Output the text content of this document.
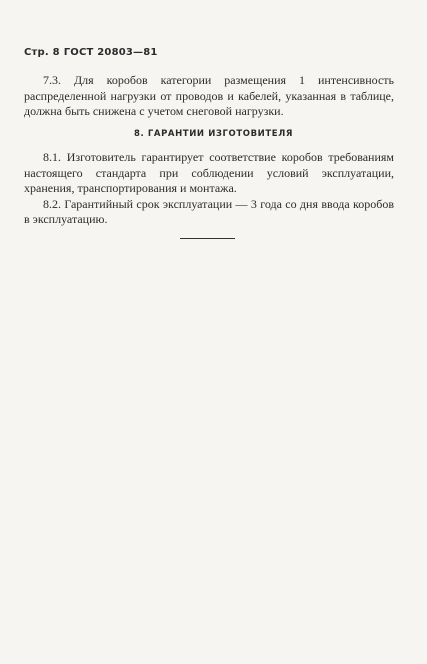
Стр. 8 ГОСТ 20803—81

7.3. Для коробов категории размещения 1 интенсивность распределенной нагрузки от проводов и кабелей, указанная в таблице, должна быть снижена с учетом снеговой нагрузки.

8. ГАРАНТИИ ИЗГОТОВИТЕЛЯ

8.1. Изготовитель гарантирует соответствие коробов требованиям настоящего стандарта при соблюдении условий эксплуатации, хранения, транспортирования и монтажа.

8.2. Гарантийный срок эксплуатации — 3 года со дня ввода коробов в эксплуатацию.
